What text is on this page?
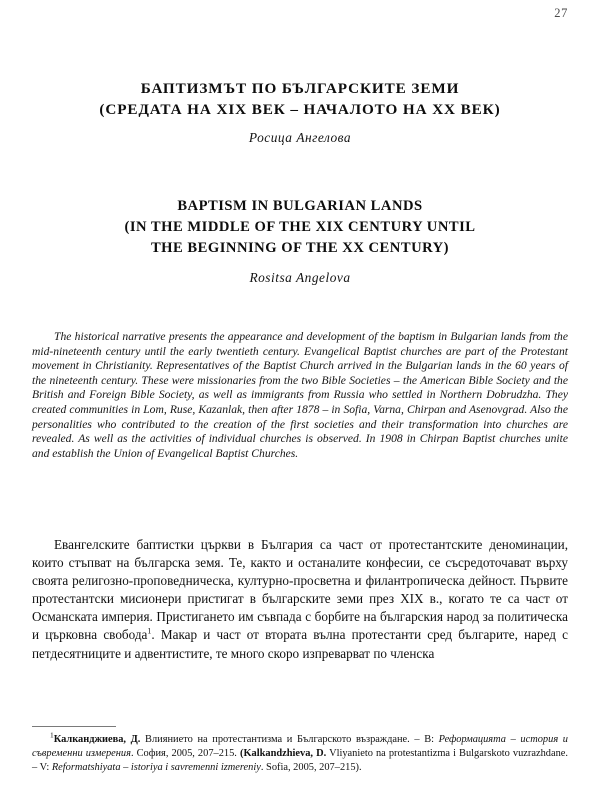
27
БАПТИЗМЪТ ПО БЪЛГАРСКИТЕ ЗЕМИ
(СРЕДАТА НА XIX ВЕК – НАЧАЛОТО НА XX ВЕК)
Росица Ангелова
BAPTISM IN BULGARIAN LANDS
(IN THE MIDDLE OF THE XIX CENTURY UNTIL
THE BEGINNING OF THE XX CENTURY)
Rositsa Angelova
The historical narrative presents the appearance and development of the baptism in Bulgarian lands from the mid-nineteenth century until the early twentieth century. Evangelical Baptist churches are part of the Protestant movement in Christianity. Representatives of the Baptist Church arrived in the Bulgarian lands in the 60 years of the nineteenth century. These were missionaries from the two Bible Societies – the American Bible Society and the British and Foreign Bible Society, as well as immigrants from Russia who settled in Northern Dobrudzha. They created communities in Lom, Ruse, Kazanlak, then after 1878 – in Sofia, Varna, Chirpan and Asenovgrad. Also the personalities who contributed to the creation of the first societies and their transformation into churches are revealed. As well as the activities of individual churches is observed. In 1908 in Chirpan Baptist churches unite and establish the Union of Evangelical Baptist Churches.
Евангелските баптистки църкви в България са част от протестантските деноминации, които стъпват на българска земя. Те, както и останалите конфесии, се съсредоточават върху своята религозно-проповедническа, културно-просветна и филантропическа дейност. Първите протестантски мисионери пристигат в българските земи през XIX в., когато те са част от Османската империя. Пристигането им съвпада с борбите на българския народ за политическа и църковна свобода$^1$. Макар и част от втората вълна протестанти сред българите, наред с петдесятниците и адвентистите, те много скоро изпреварват по членска
$^1$Калканджиева, Д. Влиянието на протестантизма и Българското възраждане. – В: Реформацията – история и съвременни измерения. София, 2005, 207–215. (Kalkandzhieva, D. Vliyanieto na protestantizma i Bulgarskoto vuzrazhdane. – V: Reformatshiyata – istoriya i savremenni izmereniy. Sofia, 2005, 207–215).
